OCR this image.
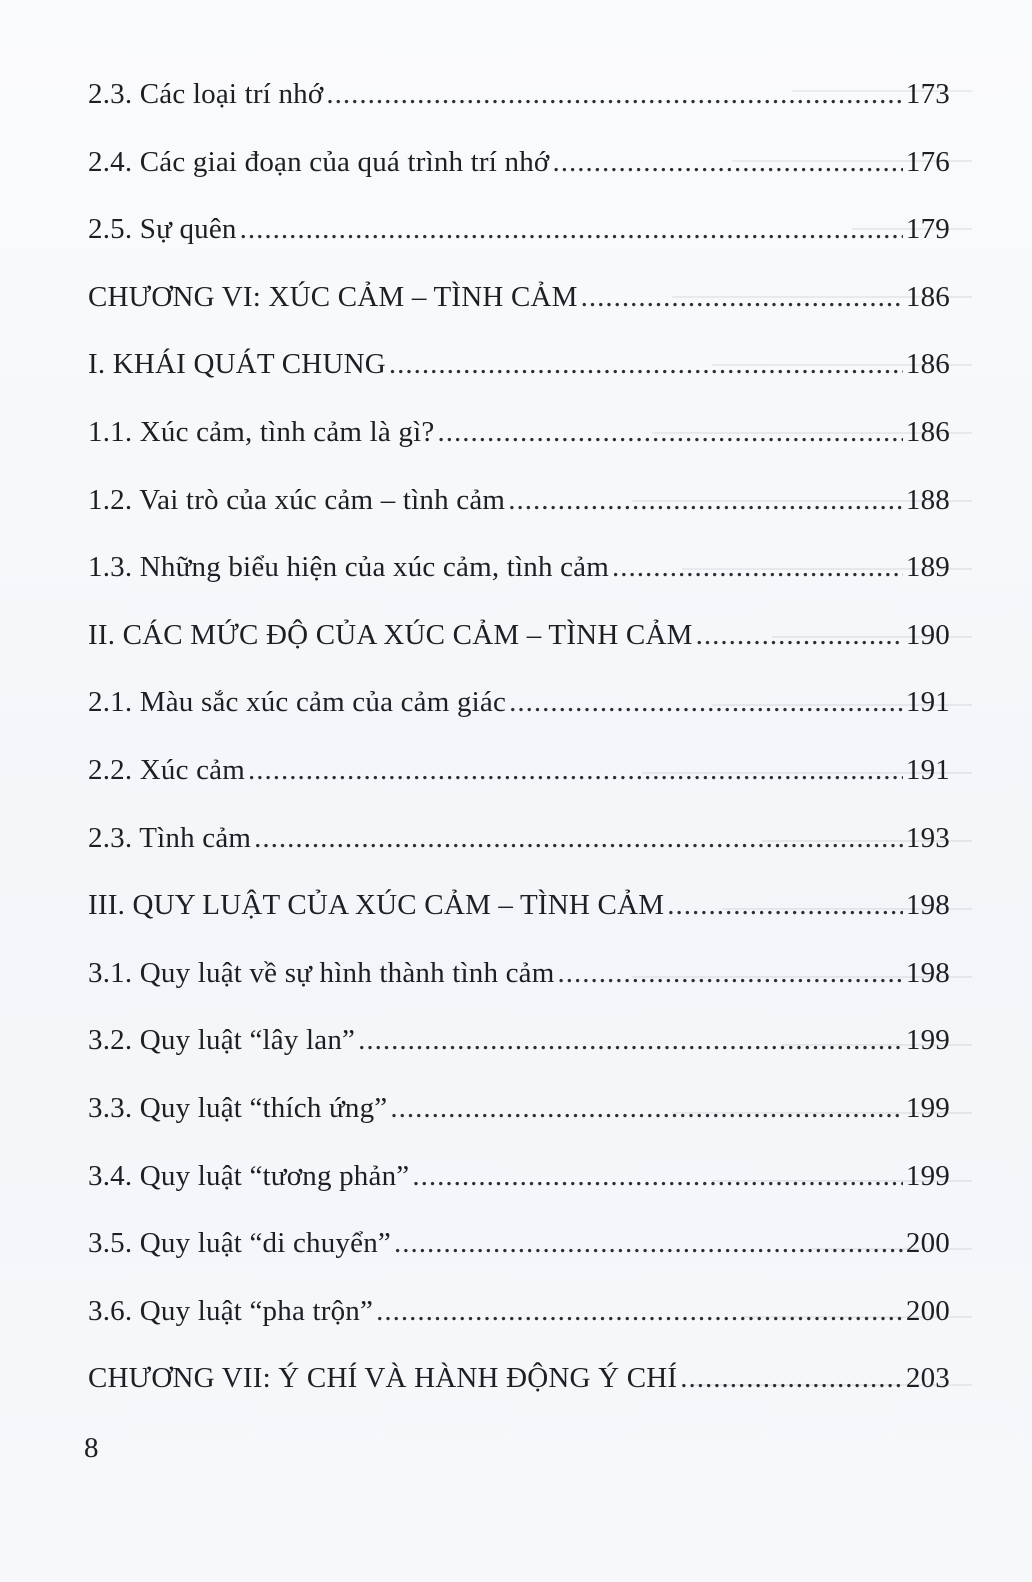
2.3. Các loại trí nhớ .....	173
2.4. Các giai đoạn của quá trình trí nhớ .....	176
2.5. Sự quên .....	179
CHƯƠNG VI: XÚC CẢM – TÌNH CẢM .....	186
I. KHÁI QUÁT CHUNG .....	186
1.1. Xúc cảm, tình cảm là gì? .....	186
1.2. Vai trò của xúc cảm – tình cảm .....	188
1.3. Những biểu hiện của xúc cảm, tình cảm .....	189
II. CÁC MỨC ĐỘ CỦA XÚC CẢM – TÌNH CẢM .....	190
2.1. Màu sắc xúc cảm của cảm giác .....	191
2.2. Xúc cảm .....	191
2.3. Tình cảm .....	193
III. QUY LUẬT CỦA XÚC CẢM – TÌNH CẢM .....	198
3.1. Quy luật về sự hình thành tình cảm .....	198
3.2. Quy luật “lây lan” .....	199
3.3. Quy luật “thích ứng” .....	199
3.4. Quy luật “tương phản” .....	199
3.5. Quy luật “di chuyển” .....	200
3.6. Quy luật “pha trộn” .....	200
CHƯƠNG VII: Ý CHÍ VÀ HÀNH ĐỘNG Ý CHÍ .....	203
8
